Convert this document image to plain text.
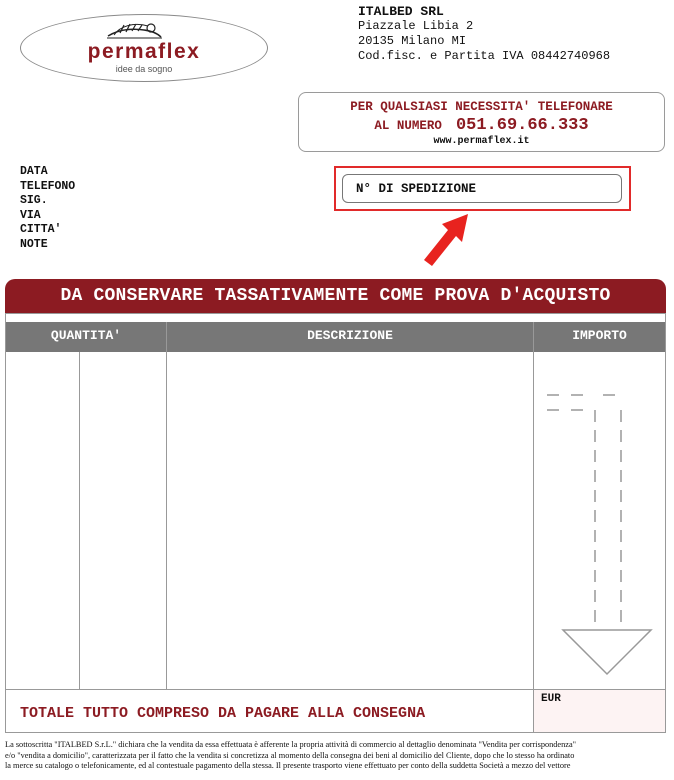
permaflex
idee da sogno
ITALBED SRL
Piazzale Libia 2
20135 Milano MI
Cod.fisc. e Partita IVA 08442740968
PER QUALSIASI NECESSITA' TELEFONARE
AL NUMERO 051.69.66.333
www.permaflex.it
DATA
TELEFONO
SIG.
VIA
CITTA'
NOTE
N° DI SPEDIZIONE
DA CONSERVARE TASSATIVAMENTE COME PROVA D'ACQUISTO
QUANTITA'	DESCRIZIONE	IMPORTO
EUR
TOTALE TUTTO COMPRESO DA PAGARE ALLA CONSEGNA
La sottoscritta "ITALBED S.r.L." dichiara che la vendita da essa effettuata è afferente la propria attività di commercio al dettaglio denominata "Vendita per corrispondenza"
e/o "vendita a domicilio", caratterizzata per il fatto che la vendita si concretizza al momento della consegna dei beni al domicilio del Cliente, dopo che lo stesso ha ordinato
la merce su catalogo o telefonicamente, ed al contestuale pagamento della stessa. Il presente trasporto viene effettuato per conto della suddetta Società a mezzo del vettore
